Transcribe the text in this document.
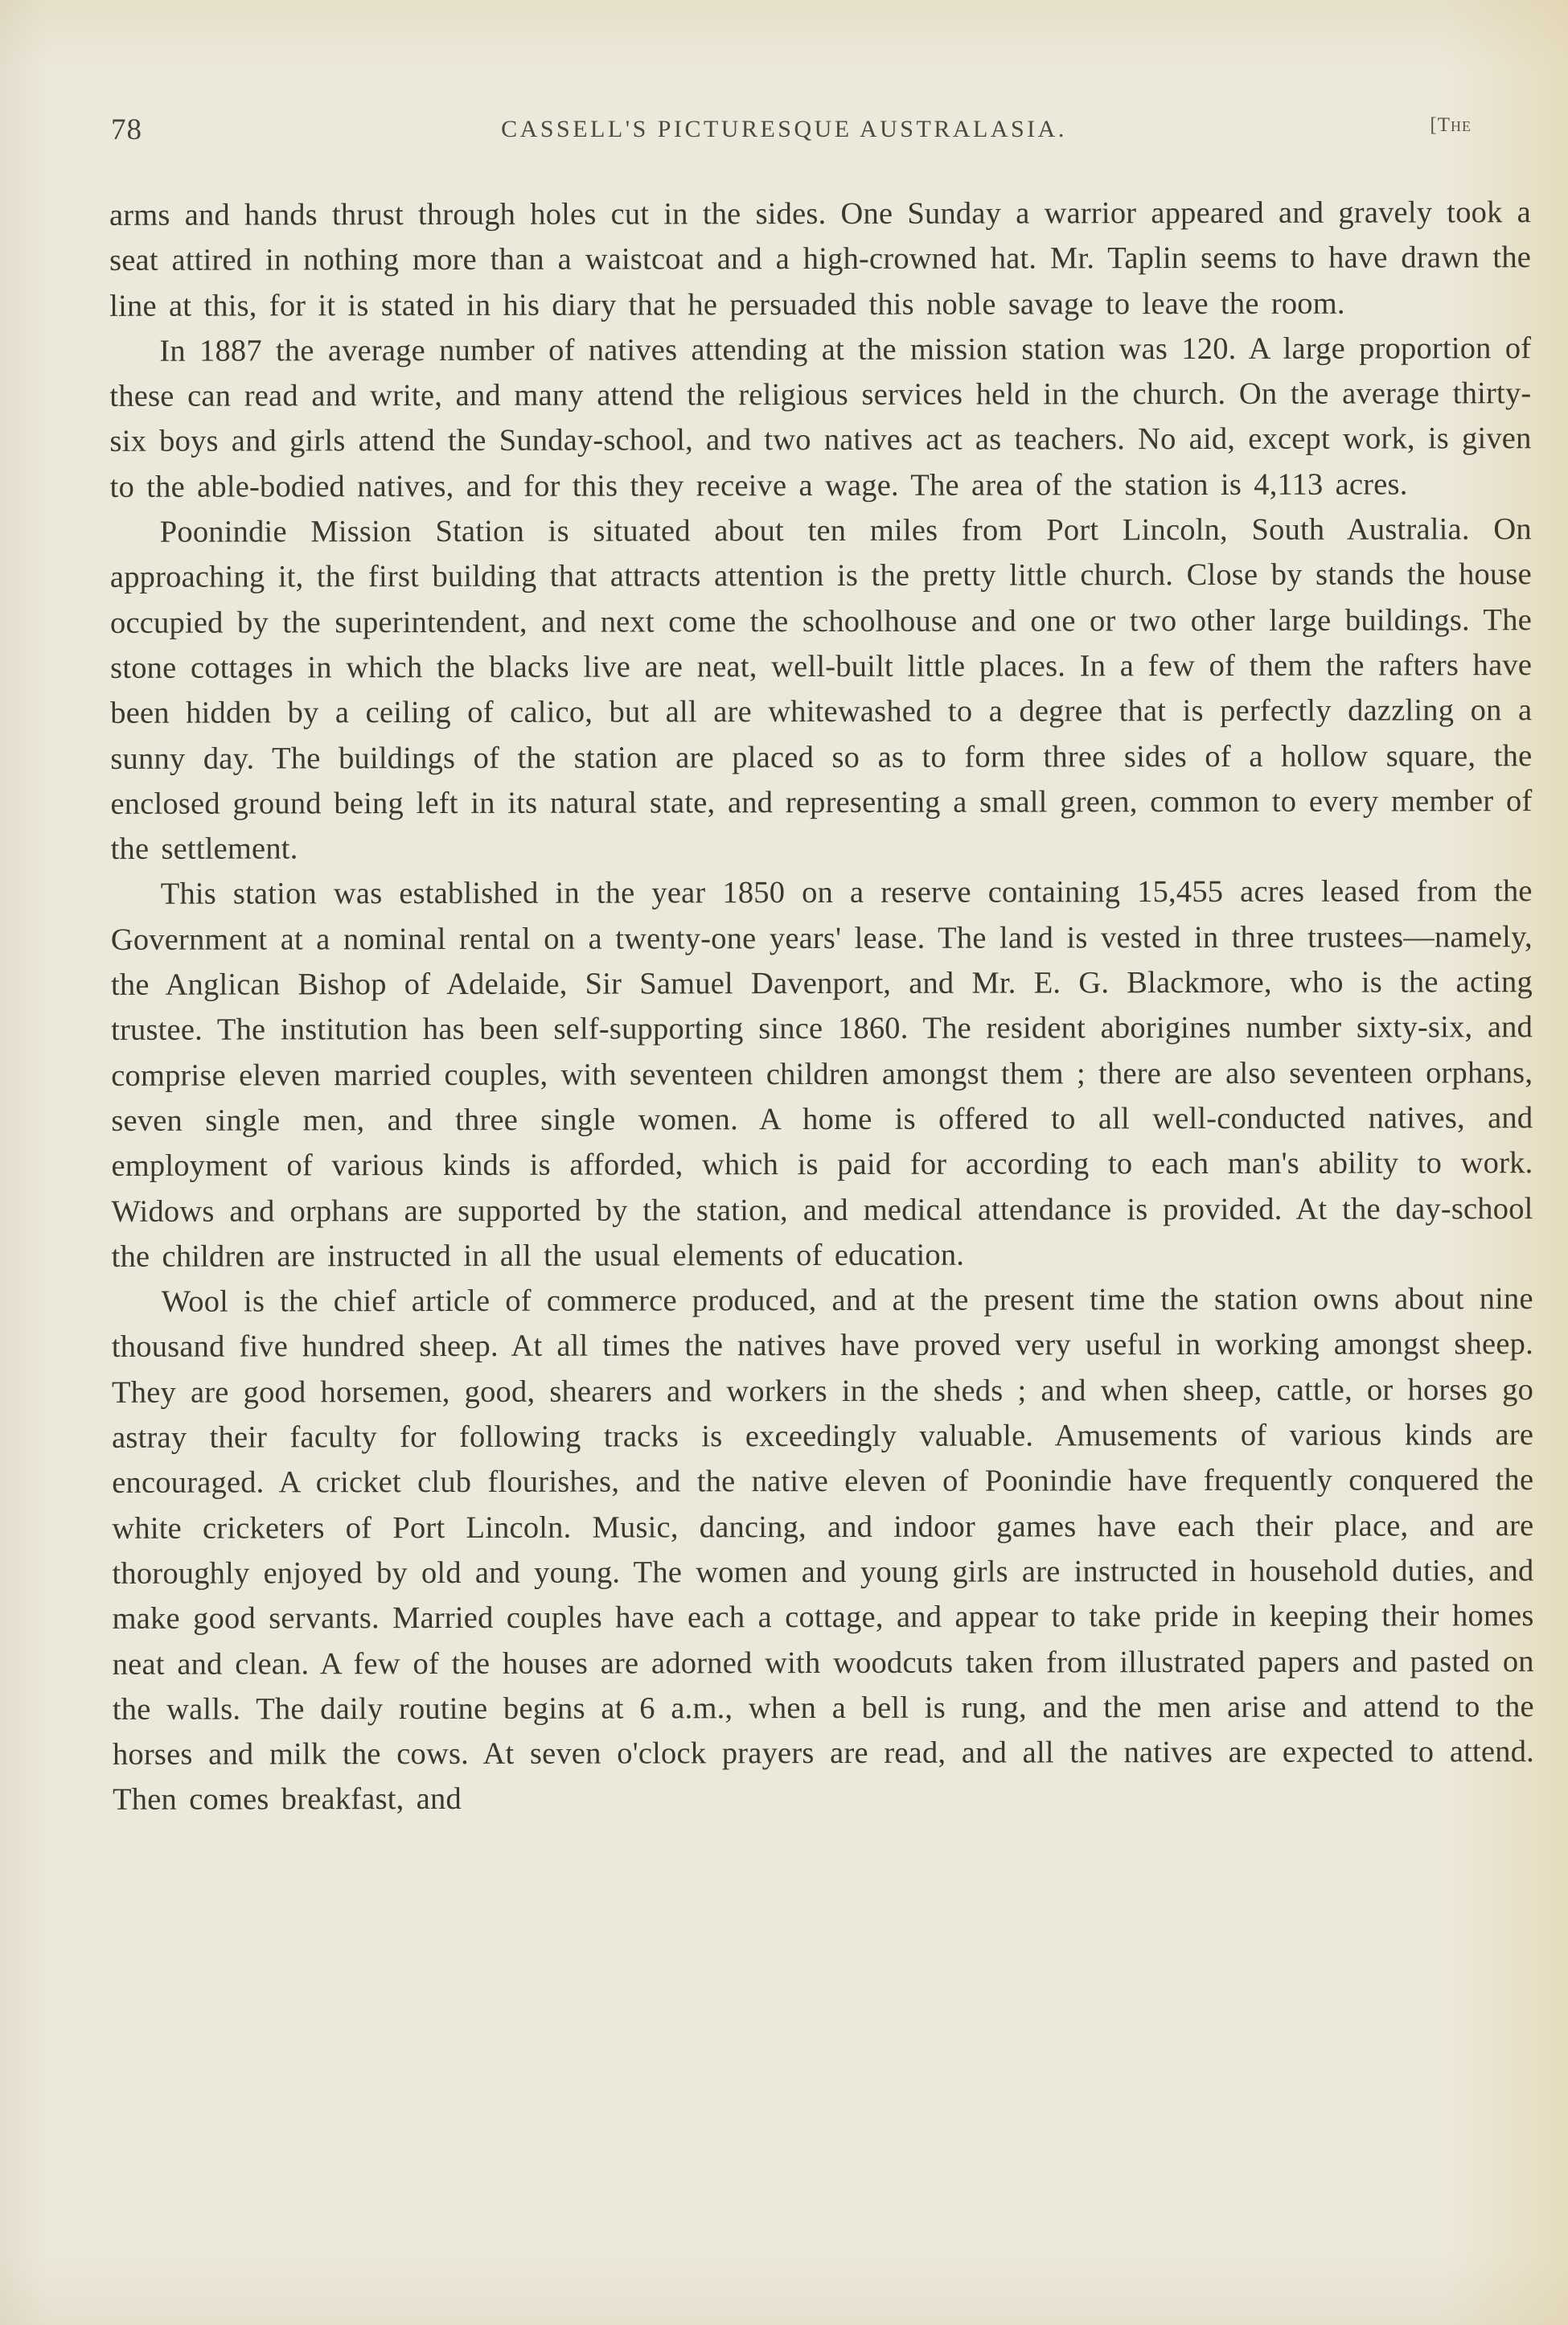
78	CASSELL'S PICTURESQUE AUSTRALASIA.	[The

arms and hands thrust through holes cut in the sides. One Sunday a warrior appeared and gravely took a seat attired in nothing more than a waistcoat and a high-crowned hat. Mr. Taplin seems to have drawn the line at this, for it is stated in his diary that he persuaded this noble savage to leave the room.

In 1887 the average number of natives attending at the mission station was 120. A large proportion of these can read and write, and many attend the religious services held in the church. On the average thirty-six boys and girls attend the Sunday-school, and two natives act as teachers. No aid, except work, is given to the able-bodied natives, and for this they receive a wage. The area of the station is 4,113 acres.

Poonindie Mission Station is situated about ten miles from Port Lincoln, South Australia. On approaching it, the first building that attracts attention is the pretty little church. Close by stands the house occupied by the superintendent, and next come the schoolhouse and one or two other large buildings. The stone cottages in which the blacks live are neat, well-built little places. In a few of them the rafters have been hidden by a ceiling of calico, but all are whitewashed to a degree that is perfectly dazzling on a sunny day. The buildings of the station are placed so as to form three sides of a hollow square, the enclosed ground being left in its natural state, and representing a small green, common to every member of the settlement.

This station was established in the year 1850 on a reserve containing 15,455 acres leased from the Government at a nominal rental on a twenty-one years' lease. The land is vested in three trustees—namely, the Anglican Bishop of Adelaide, Sir Samuel Davenport, and Mr. E. G. Blackmore, who is the acting trustee. The institution has been self-supporting since 1860. The resident aborigines number sixty-six, and comprise eleven married couples, with seventeen children amongst them ; there are also seventeen orphans, seven single men, and three single women. A home is offered to all well-conducted natives, and employment of various kinds is afforded, which is paid for according to each man's ability to work. Widows and orphans are supported by the station, and medical attendance is provided. At the day-school the children are instructed in all the usual elements of education.

Wool is the chief article of commerce produced, and at the present time the station owns about nine thousand five hundred sheep. At all times the natives have proved very useful in working amongst sheep. They are good horsemen, good, shearers and workers in the sheds ; and when sheep, cattle, or horses go astray their faculty for following tracks is exceedingly valuable. Amusements of various kinds are encouraged. A cricket club flourishes, and the native eleven of Poonindie have frequently conquered the white cricketers of Port Lincoln. Music, dancing, and indoor games have each their place, and are thoroughly enjoyed by old and young. The women and young girls are instructed in household duties, and make good servants. Married couples have each a cottage, and appear to take pride in keeping their homes neat and clean. A few of the houses are adorned with woodcuts taken from illustrated papers and pasted on the walls. The daily routine begins at 6 a.m., when a bell is rung, and the men arise and attend to the horses and milk the cows. At seven o'clock prayers are read, and all the natives are expected to attend. Then comes breakfast, and
